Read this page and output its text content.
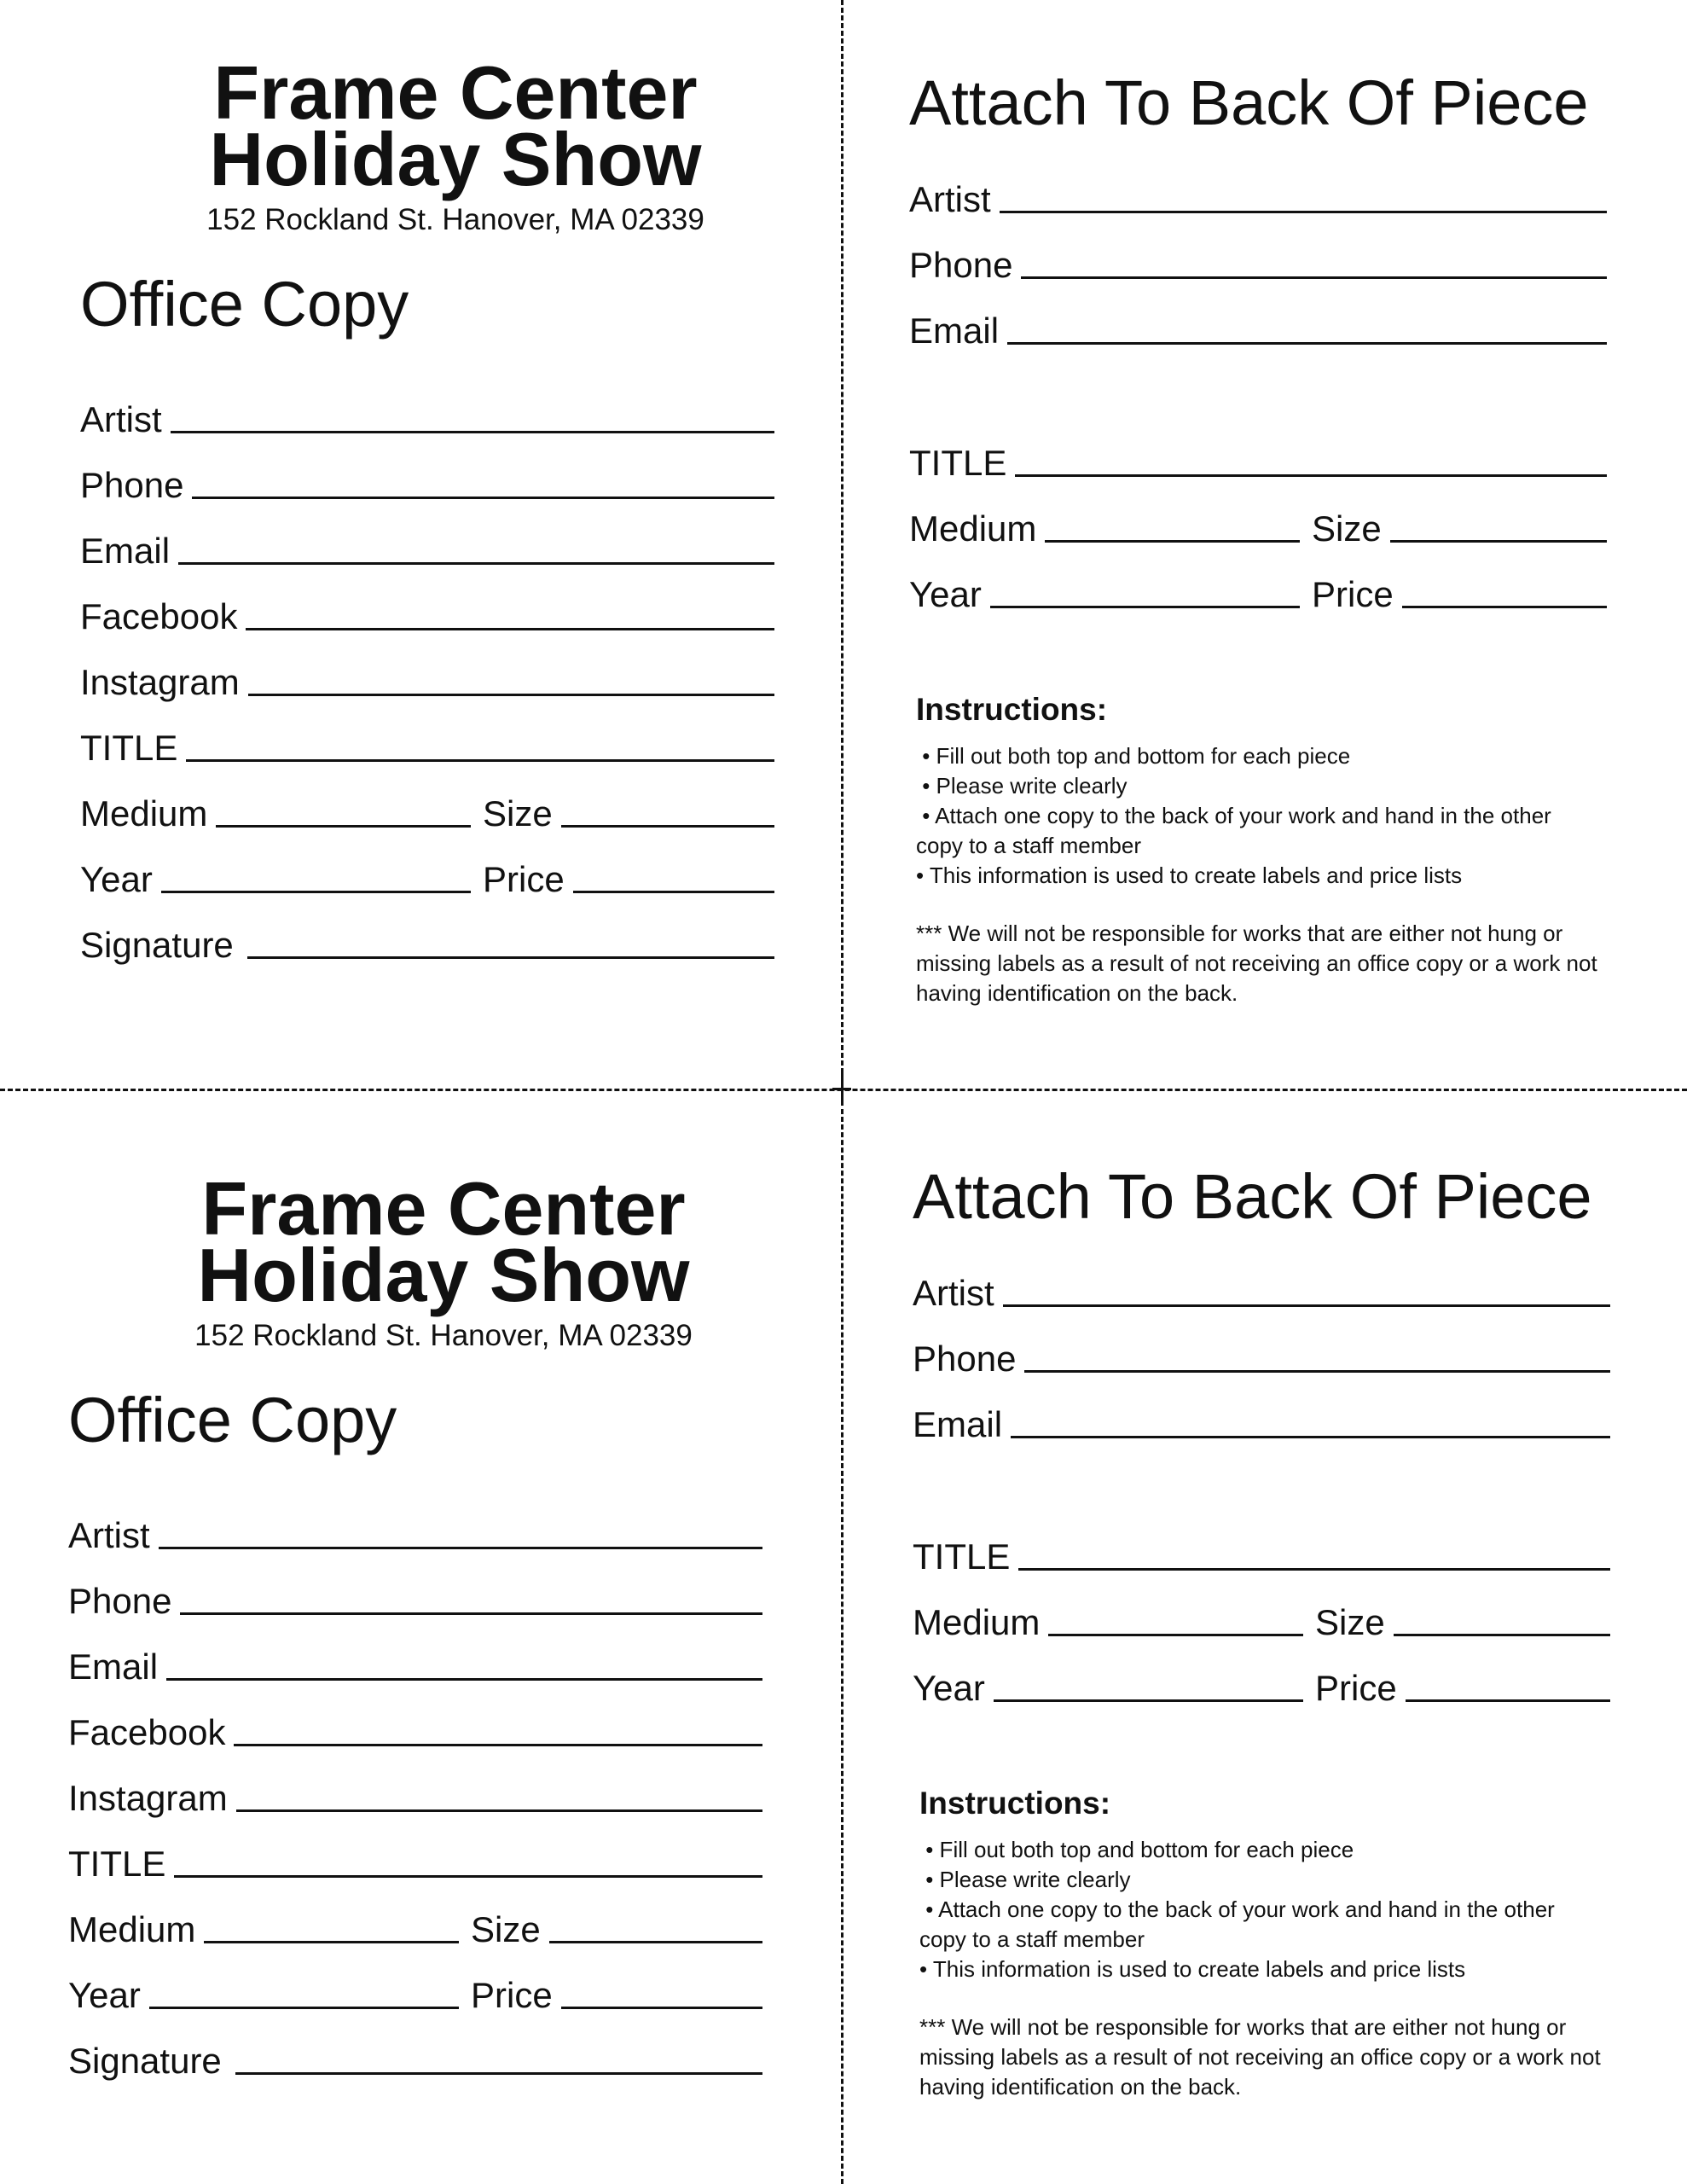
Frame Center
Holiday Show
152 Rockland St. Hanover, MA 02339
Office Copy
Artist
Phone
Email
Facebook
Instagram
TITLE
Medium	Size
Year	Price
Signature
Attach To Back Of Piece
Artist
Phone
Email
TITLE
Medium	Size
Year	Price
Instructions:
• Fill out both top and bottom for each piece
• Please write clearly
• Attach one copy to the back of your work and hand in the other
copy to a staff member
• This information is used to create labels and price lists
*** We will not be responsible for works that are either not hung or missing labels as a result of not receiving an office copy or a work not having identification on the back.
Frame Center
Holiday Show
152 Rockland St. Hanover, MA 02339
Office Copy
Artist
Phone
Email
Facebook
Instagram
TITLE
Medium	Size
Year	Price
Signature
Attach To Back Of Piece
Artist
Phone
Email
TITLE
Medium	Size
Year	Price
Instructions:
• Fill out both top and bottom for each piece
• Please write clearly
• Attach one copy to the back of your work and hand in the other
copy to a staff member
• This information is used to create labels and price lists
*** We will not be responsible for works that are either not hung or missing labels as a result of not receiving an office copy or a work not having identification on the back.
